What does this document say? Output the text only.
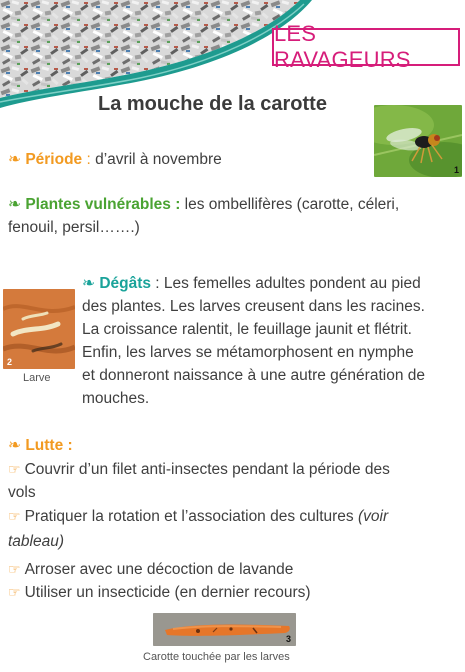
LES RAVAGEURS
La mouche de la carotte
1
❧ Période : d’avril à novembre
❧ Plantes vulnérables : les ombellifères (carotte, céleri,
fenouil, persil…….)
2
Larve
❧ Dégâts : Les femelles adultes pondent au pied
des plantes. Les larves creusent dans les racines.
La croissance ralentit, le feuillage jaunit et flétrit.
Enfin, les larves se métamorphosent en nymphe
et donneront naissance à une autre génération de
mouches.
❧ Lutte :
☞ Couvrir d’un filet anti-insectes pendant la période des
vols
☞ Pratiquer la rotation et l’association des cultures (voir
tableau)
☞ Arroser avec une décoction de lavande
☞ Utiliser un insecticide (en dernier recours)
3
Carotte touchée par les larves
